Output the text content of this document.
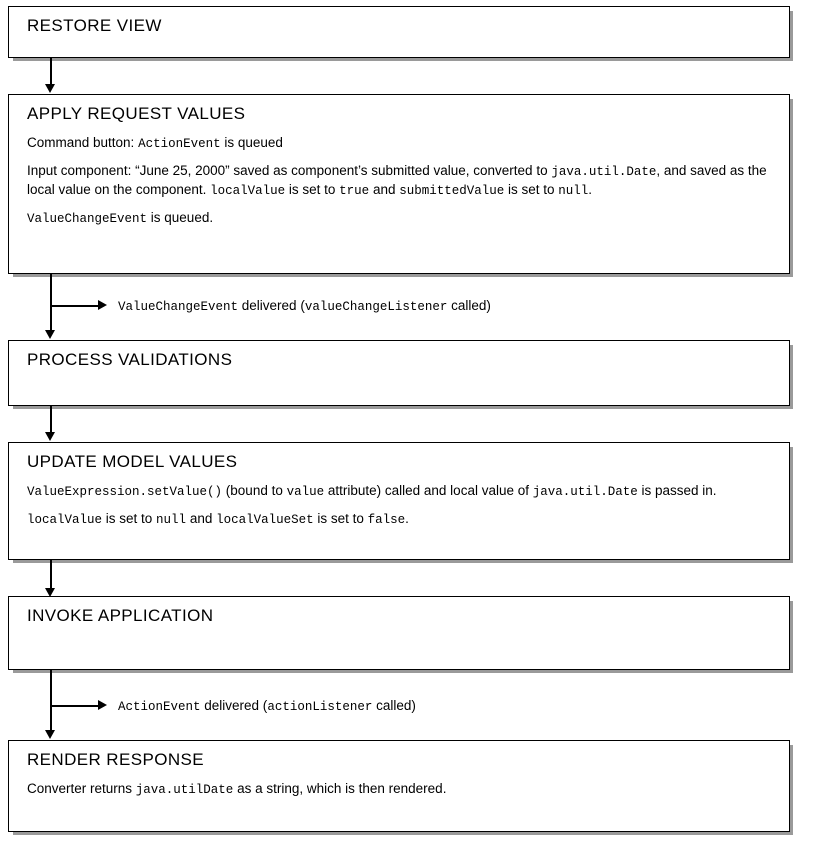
RESTORE VIEW
APPLY REQUEST VALUES
Command button: ActionEvent is queued
Input component: “June 25, 2000” saved as component’s submitted value, converted to java.util.Date, and saved as the local value on the component. localValue is set to true and submittedValue is set to null.
ValueChangeEvent is queued.
ValueChangeEvent delivered (valueChangeListener called)
PROCESS VALIDATIONS
UPDATE MODEL VALUES
ValueExpression.setValue() (bound to value attribute) called and local value of java.util.Date is passed in.
localValue is set to null and localValueSet is set to false.
INVOKE APPLICATION
ActionEvent delivered (actionListener called)
RENDER RESPONSE
Converter returns java.utilDate as a string, which is then rendered.
